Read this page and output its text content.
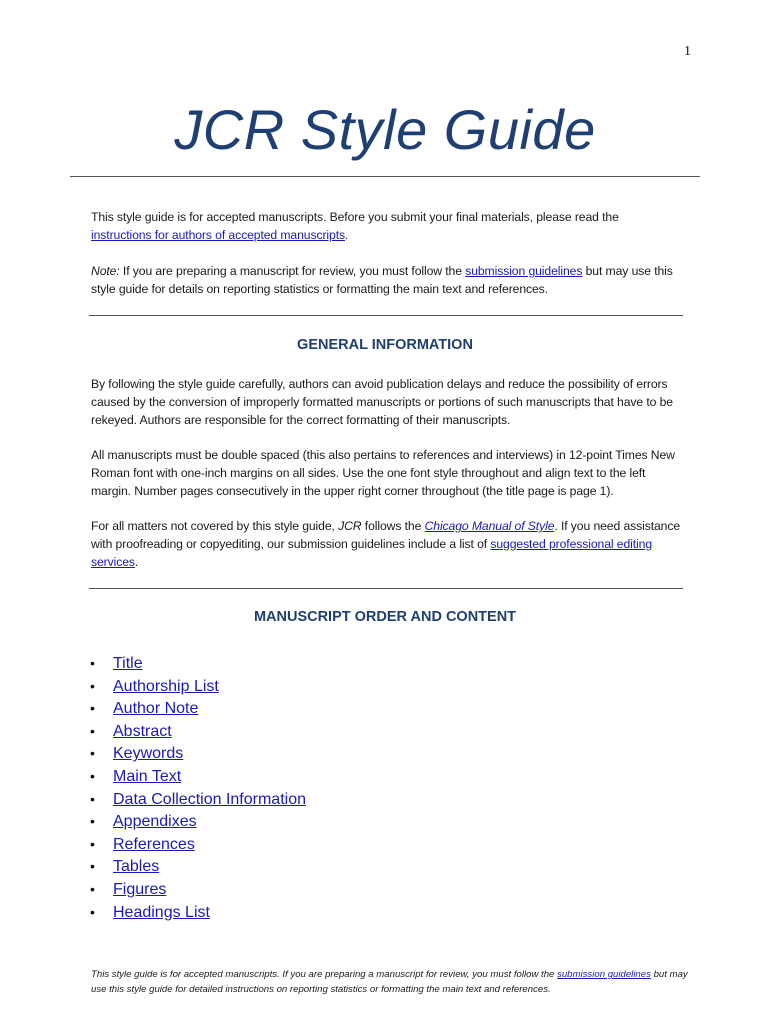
1
JCR Style Guide

This style guide is for accepted manuscripts. Before you submit your final materials, please read the instructions for authors of accepted manuscripts.

Note: If you are preparing a manuscript for review, you must follow the submission guidelines but may use this style guide for details on reporting statistics or formatting the main text and references.

GENERAL INFORMATION

By following the style guide carefully, authors can avoid publication delays and reduce the possibility of errors caused by the conversion of improperly formatted manuscripts or portions of such manuscripts that have to be rekeyed. Authors are responsible for the correct formatting of their manuscripts.

All manuscripts must be double spaced (this also pertains to references and interviews) in 12-point Times New Roman font with one-inch margins on all sides. Use the one font style throughout and align text to the left margin. Number pages consecutively in the upper right corner throughout (the title page is page 1).

For all matters not covered by this style guide, JCR follows the Chicago Manual of Style. If you need assistance with proofreading or copyediting, our submission guidelines include a list of suggested professional editing services.

MANUSCRIPT ORDER AND CONTENT
• Title
• Authorship List
• Author Note
• Abstract
• Keywords
• Main Text
• Data Collection Information
• Appendixes
• References
• Tables
• Figures
• Headings List

This style guide is for accepted manuscripts. If you are preparing a manuscript for review, you must follow the submission guidelines but may use this style guide for detailed instructions on reporting statistics or formatting the main text and references.
